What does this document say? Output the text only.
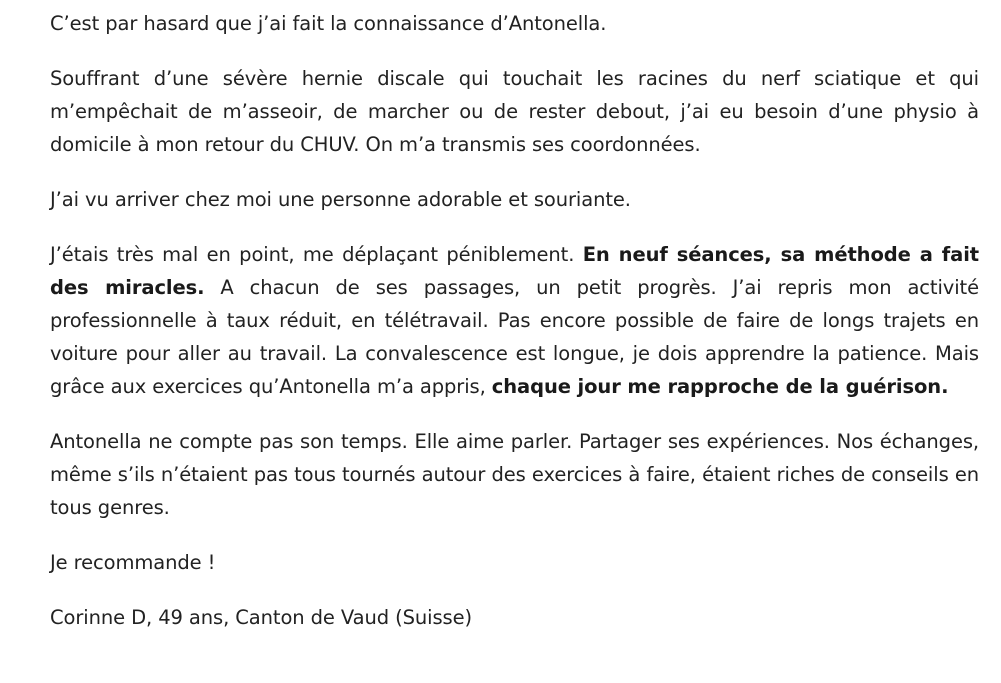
C’est par hasard que j’ai fait la connaissance d’Antonella.

Souffrant d’une sévère hernie discale qui touchait les racines du nerf sciatique et qui m’empêchait de m’asseoir, de marcher ou de rester debout, j’ai eu besoin d’une physio à domicile à mon retour du CHUV. On m’a transmis ses coordonnées.

J’ai vu arriver chez moi une personne adorable et souriante.

J’étais très mal en point, me déplaçant péniblement. En neuf séances, sa méthode a fait des miracles. A chacun de ses passages, un petit progrès. J’ai repris mon activité professionnelle à taux réduit, en télétravail. Pas encore possible de faire de longs trajets en voiture pour aller au travail. La convalescence est longue, je dois apprendre la patience. Mais grâce aux exercices qu’Antonella m’a appris, chaque jour me rapproche de la guérison.

Antonella ne compte pas son temps. Elle aime parler. Partager ses expériences. Nos échanges, même s’ils n’étaient pas tous tournés autour des exercices à faire, étaient riches de conseils en tous genres.

Je recommande !

Corinne D, 49 ans, Canton de Vaud (Suisse)
